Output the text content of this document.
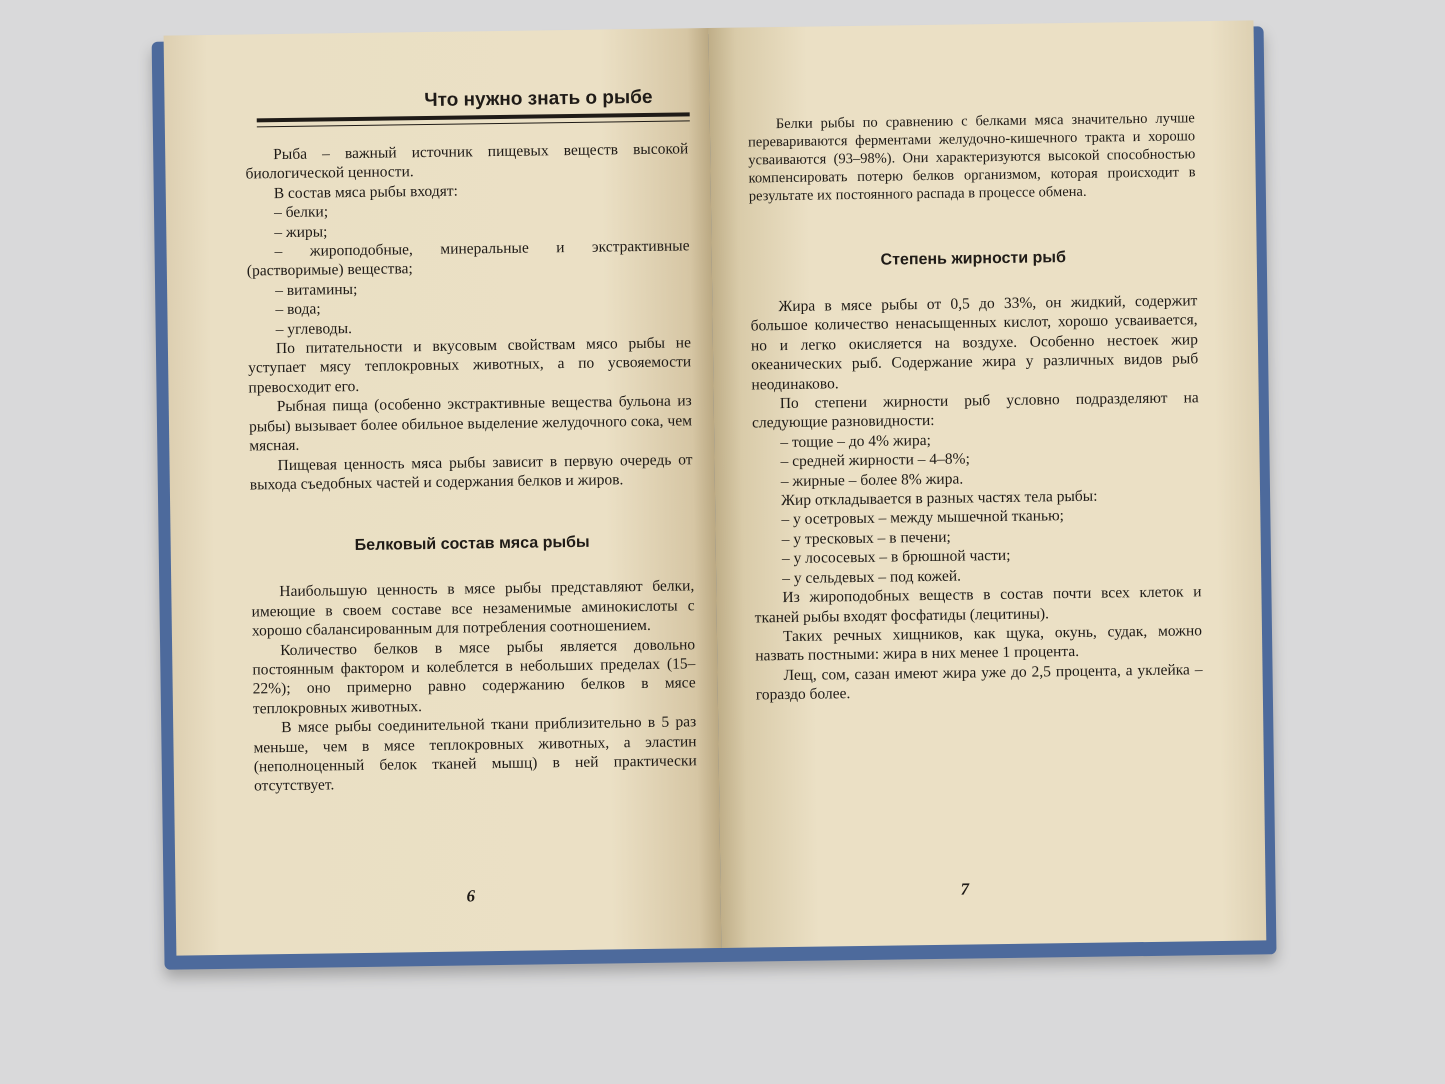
Что нужно знать о рыбе

Рыба – важный источник пищевых веществ высокой биологической ценности.

В состав мяса рыбы входят:

– белки;

– жиры;

– жироподобные, минеральные и экстрактивные (растворимые) вещества;

– витамины;

– вода;

– углеводы.

По питательности и вкусовым свойствам мясо рыбы не уступает мясу теплокровных животных, а по усвояемости превосходит его.

Рыбная пища (особенно экстрактивные вещества бульона из рыбы) вызывает более обильное выделение желудочного сока, чем мясная.

Пищевая ценность мяса рыбы зависит в первую очередь от выхода съедобных частей и содержания белков и жиров.

Белковый состав мяса рыбы

Наибольшую ценность в мясе рыбы представляют белки, имеющие в своем составе все незаменимые аминокислоты с хорошо сбалансированным для потребления соотношением.

Количество белков в мясе рыбы является довольно постоянным фактором и колеблется в небольших пределах (15–22%); оно примерно равно содержанию белков в мясе теплокровных животных.

В мясе рыбы соединительной ткани приблизительно в 5 раз меньше, чем в мясе теплокровных животных, а эластин (неполноценный белок тканей мышц) в ней практически отсутствует.

6

Белки рыбы по сравнению с белками мяса значительно лучше перевариваются ферментами желудочно-кишечного тракта и хорошо усваиваются (93–98%). Они характеризуются высокой способностью компенсировать потерю белков организмом, которая происходит в результате их постоянного распада в процессе обмена.

Степень жирности рыб

Жира в мясе рыбы от 0,5 до 33%, он жидкий, содержит большое количество ненасыщенных кислот, хорошо усваивается, но и легко окисляется на воздухе. Особенно нестоек жир океанических рыб. Содержание жира у различных видов рыб неодинаково.

По степени жирности рыб условно подразделяют на следующие разновидности:

– тощие – до 4% жира;

– средней жирности – 4–8%;

– жирные – более 8% жира.

Жир откладывается в разных частях тела рыбы:

– у осетровых – между мышечной тканью;

– у тресковых – в печени;

– у лососевых – в брюшной части;

– у сельдевых – под кожей.

Из жироподобных веществ в состав почти всех клеток и тканей рыбы входят фосфатиды (лецитины).

Таких речных хищников, как щука, окунь, судак, можно назвать постными: жира в них менее 1 процента.

Лещ, сом, сазан имеют жира уже до 2,5 процента, а уклейка – гораздо более.

7
